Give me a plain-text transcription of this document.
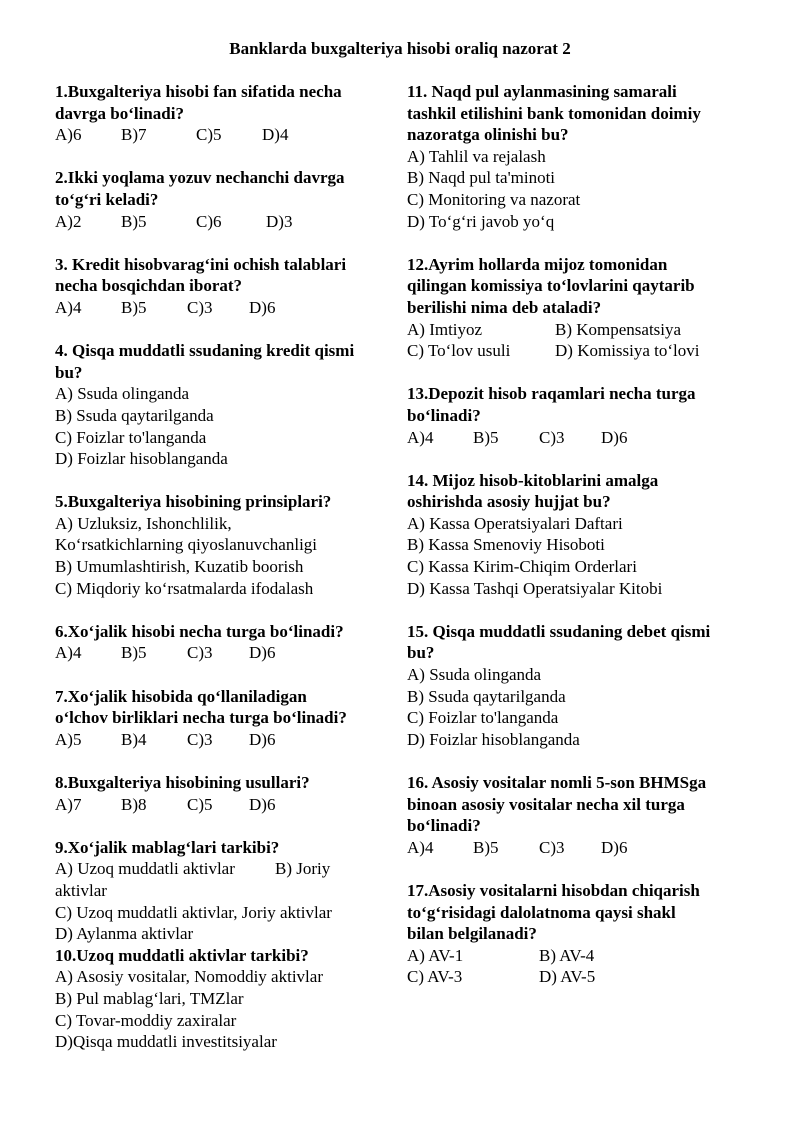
Banklarda buxgalteriya hisobi oraliq nazorat 2
1.Buxgalteriya hisobi fan sifatida necha
davrga bo‘linadi?
A)6	B)7	C)5	D)4
2.Ikki yoqlama yozuv nechanchi davrga
to‘g‘ri keladi?
A)2	B)5	C)6	D)3
3. Kredit hisobvarag‘ini ochish talablari
necha bosqichdan iborat?
A)4	B)5	C)3	D)6
4. Qisqa muddatli ssudaning kredit qismi
bu?
A) Ssuda olinganda
B) Ssuda qaytarilganda
C) Foizlar to'langanda
D) Foizlar hisoblanganda
5.Buxgalteriya hisobining prinsiplari?
A) Uzluksiz, Ishonchlilik,
Ko‘rsatkichlarning qiyoslanuvchanligi
B) Umumlashtirish, Kuzatib boorish
C) Miqdoriy ko‘rsatmalarda ifodalash
6.Xo‘jalik hisobi necha turga bo‘linadi?
A)4	B)5	C)3	D)6
7.Xo‘jalik hisobida qo‘llaniladigan
o‘lchov birliklari necha turga bo‘linadi?
A)5	B)4	C)3	D)6
8.Buxgalteriya hisobining usullari?
A)7	B)8	C)5	D)6
9.Xo‘jalik mablag‘lari tarkibi?
A) Uzoq muddatli aktivlar	B) Joriy
aktivlar
C) Uzoq muddatli aktivlar, Joriy aktivlar
D) Aylanma aktivlar
10.Uzoq muddatli aktivlar tarkibi?
A) Asosiy vositalar, Nomoddiy aktivlar
B) Pul mablag‘lari, TMZlar
C) Tovar-moddiy zaxiralar
D)Qisqa muddatli investitsiyalar
11. Naqd pul aylanmasining samarali
tashkil etilishini bank tomonidan doimiy
nazoratga olinishi bu?
A) Tahlil va rejalash
B) Naqd pul ta'minoti
C) Monitoring va nazorat
D) To‘g‘ri javob yo‘q
12.Ayrim hollarda mijoz tomonidan
qilingan komissiya to‘lovlarini qaytarib
berilishi nima deb ataladi?
A) Imtiyoz	B) Kompensatsiya
C) To‘lov usuli	D) Komissiya to‘lovi
13.Depozit hisob raqamlari necha turga
bo‘linadi?
A)4	B)5	C)3	D)6
14. Mijoz hisob-kitoblarini amalga
oshirishda asosiy hujjat bu?
A) Kassa Operatsiyalari Daftari
B) Kassa Smenoviy Hisoboti
C) Kassa Kirim-Chiqim Orderlari
D) Kassa Tashqi Operatsiyalar Kitobi
15. Qisqa muddatli ssudaning debet qismi
bu?
A) Ssuda olinganda
B) Ssuda qaytarilganda
C) Foizlar to'langanda
D) Foizlar hisoblanganda
16. Asosiy vositalar nomli 5-son BHMSga
binoan asosiy vositalar necha xil turga
bo‘linadi?
A)4	B)5	C)3	D)6
17.Asosiy vositalarni hisobdan chiqarish
to‘g‘risidagi dalolatnoma qaysi shakl
bilan belgilanadi?
A) AV-1	B) AV-4
C) AV-3	D) AV-5
